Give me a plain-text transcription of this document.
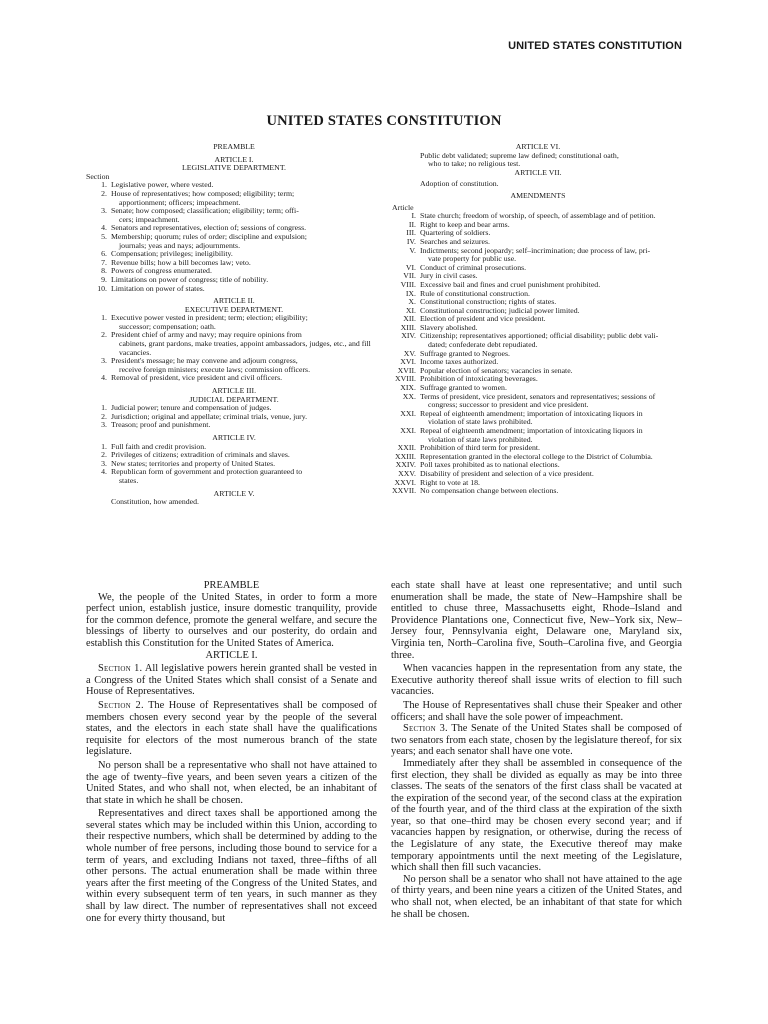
UNITED STATES CONSTITUTION
UNITED STATES CONSTITUTION

PREAMBLE

ARTICLE I.

LEGISLATIVE DEPARTMENT.

Section

1. Legislative power, where vested.
2. House of representatives; how composed; eligibility; term;
apportionment; officers; impeachment.
3. Senate; how composed; classification; eligibility; term; offi-
cers; impeachment.
4. Senators and representatives, election of; sessions of congress.
5. Membership; quorum; rules of order; discipline and expulsion;
journals; yeas and nays; adjournments.
6. Compensation; privileges; ineligibility.
7. Revenue bills; how a bill becomes law; veto.
8. Powers of congress enumerated.
9. Limitations on power of congress; title of nobility.
10. Limitation on power of states.

ARTICLE II.

EXECUTIVE DEPARTMENT.

1. Executive power vested in president; term; election; eligibility;
successor; compensation; oath.
2. President chief of army and navy; may require opinions from
cabinets, grant pardons, make treaties, appoint ambassadors, judges, etc., and fill vacancies.
3. President's message; he may convene and adjourn congress,
receive foreign ministers; execute laws; commission officers.
4. Removal of president, vice president and civil officers.

ARTICLE III.

JUDICIAL DEPARTMENT.

1. Judicial power; tenure and compensation of judges.
2. Jurisdiction; original and appellate; criminal trials, venue, jury.
3. Treason; proof and punishment.

ARTICLE IV.

1. Full faith and credit provision.
2. Privileges of citizens; extradition of criminals and slaves.
3. New states; territories and property of United States.
4. Republican form of government and protection guaranteed to
states.

ARTICLE V.

Constitution, how amended.

ARTICLE VI.

Public debt validated; supreme law defined; constitutional oath,
who to take; no religious test.

ARTICLE VII.

Adoption of constitution.

AMENDMENTS

Article

I. State church; freedom of worship, of speech, of assemblage and of petition.
II. Right to keep and bear arms.
III. Quartering of soldiers.
IV. Searches and seizures.
V. Indictments; second jeopardy; self–incrimination; due process of law, pri-
vate property for public use.
VI. Conduct of criminal prosecutions.
VII. Jury in civil cases.
VIII. Excessive bail and fines and cruel punishment prohibited.
IX. Rule of constitutional construction.
X. Constitutional construction; rights of states.
XI. Constitutional construction; judicial power limited.
XII. Election of president and vice president.
XIII. Slavery abolished.
XIV. Citizenship; representatives apportioned; official disability; public debt vali-
dated; confederate debt repudiated.
XV. Suffrage granted to Negroes.
XVI. Income taxes authorized.
XVII. Popular election of senators; vacancies in senate.
XVIII. Prohibition of intoxicating beverages.
XIX. Suffrage granted to women.
XX. Terms of president, vice president, senators and representatives; sessions of
congress; successor to president and vice president.
XXI. Repeal of eighteenth amendment; importation of intoxicating liquors in
violation of state laws prohibited.
XXI. Repeal of eighteenth amendment; importation of intoxicating liquors in
violation of state laws prohibited.
XXII. Prohibition of third term for president.
XXIII. Representation granted in the electoral college to the District of Columbia.
XXIV. Poll taxes prohibited as to national elections.
XXV. Disability of president and selection of a vice president.
XXVI. Right to vote at 18.
XXVII. No compensation change between elections.

PREAMBLE

We, the people of the United States, in order to form a more perfect union, establish justice, insure domestic tranquility, provide for the common defence, promote the general welfare, and secure the blessings of liberty to ourselves and our posterity, do ordain and establish this Constitution for the United States of America.

ARTICLE I.

Section 1. All legislative powers herein granted shall be vested in a Congress of the United States which shall consist of a Senate and House of Representatives.

Section 2. The House of Representatives shall be composed of members chosen every second year by the people of the several states, and the electors in each state shall have the qualifications requisite for electors of the most numerous branch of the state legislature.

No person shall be a representative who shall not have attained to the age of twenty–five years, and been seven years a citizen of the United States, and who shall not, when elected, be an inhabitant of that state in which he shall be chosen.

Representatives and direct taxes shall be apportioned among the several states which may be included within this Union, according to their respective numbers, which shall be determined by adding to the whole number of free persons, including those bound to service for a term of years, and excluding Indians not taxed, three–fifths of all other persons. The actual enumeration shall be made within three years after the first meeting of the Congress of the United States, and within every subsequent term of ten years, in such manner as they shall by law direct. The number of representatives shall not exceed one for every thirty thousand, but

each state shall have at least one representative; and until such enumeration shall be made, the state of New–Hampshire shall be entitled to chuse three, Massachusetts eight, Rhode–Island and Providence Plantations one, Connecticut five, New–York six, New–Jersey four, Pennsylvania eight, Delaware one, Maryland six, Virginia ten, North–Carolina five, South–Carolina five, and Georgia three.

When vacancies happen in the representation from any state, the Executive authority thereof shall issue writs of election to fill such vacancies.

The House of Representatives shall chuse their Speaker and other officers; and shall have the sole power of impeachment.

Section 3. The Senate of the United States shall be composed of two senators from each state, chosen by the legislature thereof, for six years; and each senator shall have one vote.

Immediately after they shall be assembled in consequence of the first election, they shall be divided as equally as may be into three classes. The seats of the senators of the first class shall be vacated at the expiration of the second year, of the second class at the expiration of the fourth year, and of the third class at the expiration of the sixth year, so that one–third may be chosen every second year; and if vacancies happen by resignation, or otherwise, during the recess of the Legislature of any state, the Executive thereof may make temporary appointments until the next meeting of the Legislature, which shall then fill such vacancies.

No person shall be a senator who shall not have attained to the age of thirty years, and been nine years a citizen of the United States, and who shall not, when elected, be an inhabitant of that state for which he shall be chosen.
